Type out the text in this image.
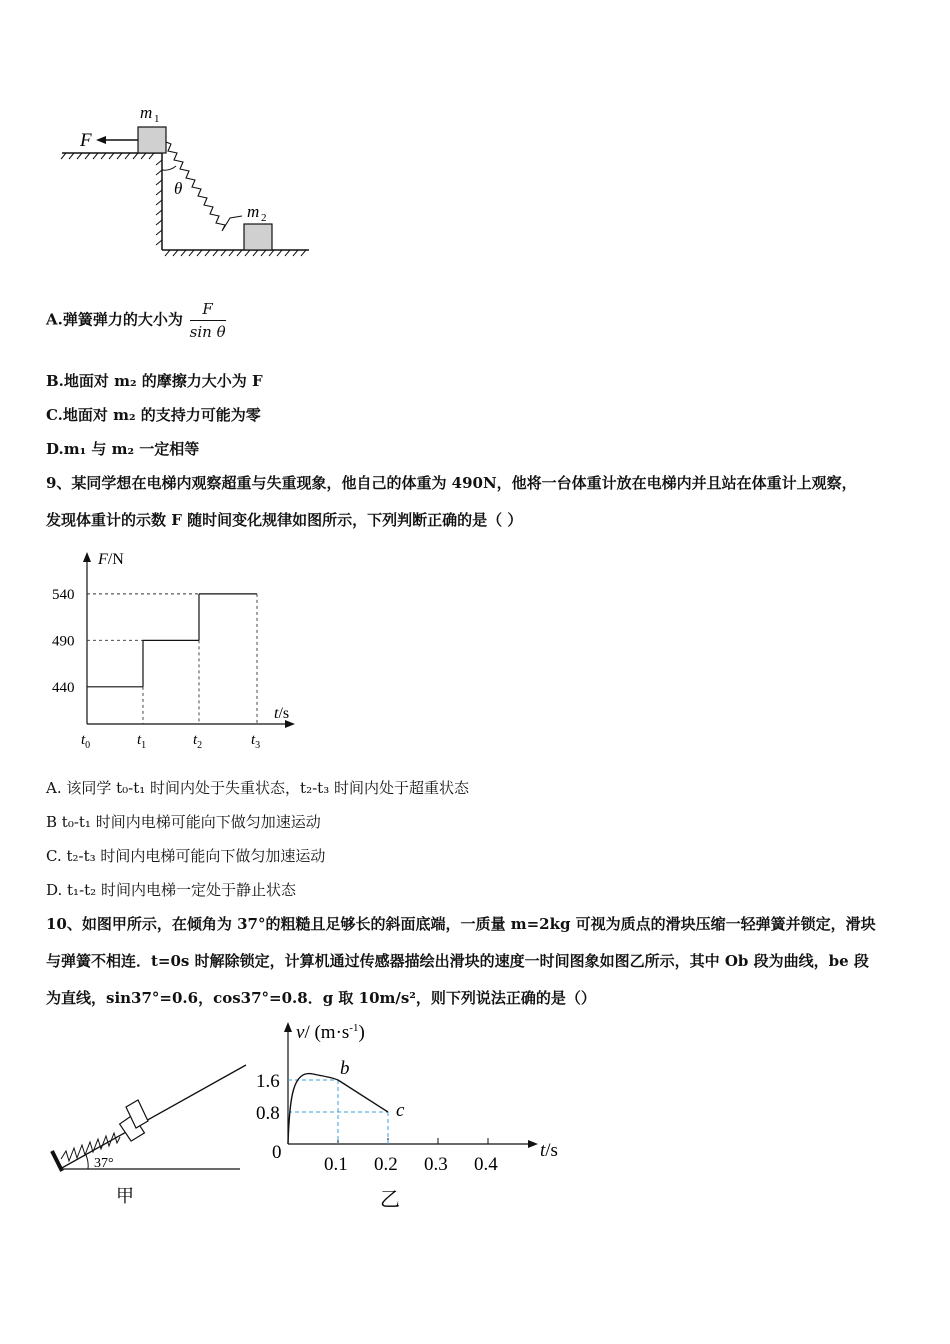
F
m 1
m 2
θ
A.弹簧弹力的大小为 $\frac{F}{\text{sin θ}}$
B.地面对 m₂ 的摩擦力大小为 F
C.地面对 m₂ 的支持力可能为零
D.m₁ 与 m₂ 一定相等
9、某同学想在电梯内观察超重与失重现象，他自己的体重为 490N，他将一台体重计放在电梯内并且站在体重计上观察，
发现体重计的示数 F 随时间变化规律如图所示，下列判断正确的是（ ）
F/N
t/s
440
490
540
$t_0$	$t_1$	$t_2$	$t_3$
A. 该同学 t₀-t₁ 时间内处于失重状态，t₂-t₃ 时间内处于超重状态
B t₀-t₁ 时间内电梯可能向下做匀加速运动
C. t₂-t₃ 时间内电梯可能向下做匀加速运动
D. t₁-t₂ 时间内电梯一定处于静止状态
10、如图甲所示，在倾角为 37°的粗糙且足够长的斜面底端，一质量 m=2kg 可视为质点的滑块压缩一轻弹簧并锁定，滑块
与弹簧不相连．t=0s 时解除锁定，计算机通过传感器描绘出滑块的速度一时间图象如图乙所示，其中 Ob 段为曲线，be 段
为直线，sin37°=0.6，cos37°=0.8．g 取 10m/s²，则下列说法正确的是（）
37°
甲
v/ $(m\cdot s^{-1})$
t/s
0
0.1 0.2 0.3 0.4
0.8
1.6
b
c
乙
